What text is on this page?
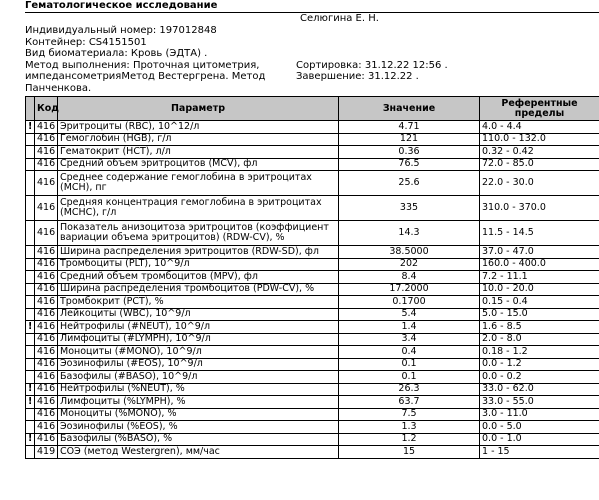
Гематологическое исследование
Селюгина Е. Н.
Индивидуальный номер: 197012848
Контейнер: CS4151501
Вид биоматериала: Кровь (ЭДТА) .
Метод выполнения: Проточная цитометрия,
импедансометрияМетод Вестергрена. Метод
Панченкова.
Сортировка: 31.12.22 12:56 .
Завершение: 31.12.22 .
	Код	Параметр	Значение	Референтные
пределы

!	416	Эритроциты (RBC), 10^12/л	4.71	4.0 - 4.4
	416	Гемоглобин (HGB), г/л	121	110.0 - 132.0
	416	Гематокрит (HCT), л/л	0.36	0.32 - 0.42
	416	Средний объем эритроцитов (MCV), фл	76.5	72.0 - 85.0
	416	Среднее содержание гемоглобина в эритроцитах
(MCH), пг	25.6	22.0 - 30.0
	416	Средняя концентрация гемоглобина в эритроцитах
(MCHC), г/л	335	310.0 - 370.0
	416	Показатель анизоцитоза эритроцитов (коэффициент
вариации объема эритроцитов) (RDW-CV), %	14.3	11.5 - 14.5
	416	Ширина распределения эритроцитов (RDW-SD), фл	38.5000	37.0 - 47.0
	416	Тромбоциты (PLT), 10^9/л	202	160.0 - 400.0
	416	Средний объем тромбоцитов (MPV), фл	8.4	7.2 - 11.1
	416	Ширина распределения тромбоцитов (PDW-CV), %	17.2000	10.0 - 20.0
	416	Тромбокрит (PCT), %	0.1700	0.15 - 0.4
	416	Лейкоциты (WBC), 10^9/л	5.4	5.0 - 15.0
!	416	Нейтрофилы (#NEUT), 10^9/л	1.4	1.6 - 8.5
	416	Лимфоциты (#LYMPH), 10^9/л	3.4	2.0 - 8.0
	416	Моноциты (#MONO), 10^9/л	0.4	0.18 - 1.2
	416	Эозинофилы (#EOS), 10^9/л	0.1	0.0 - 1.2
	416	Базофилы (#BASO), 10^9/л	0.1	0.0 - 0.2
!	416	Нейтрофилы (%NEUT), %	26.3	33.0 - 62.0
!	416	Лимфоциты (%LYMPH), %	63.7	33.0 - 55.0
	416	Моноциты (%MONO), %	7.5	3.0 - 11.0
	416	Эозинофилы (%EOS), %	1.3	0.0 - 5.0
!	416	Базофилы (%BASO), %	1.2	0.0 - 1.0
	419	СОЭ (метод Westergren), мм/час	15	1 - 15
